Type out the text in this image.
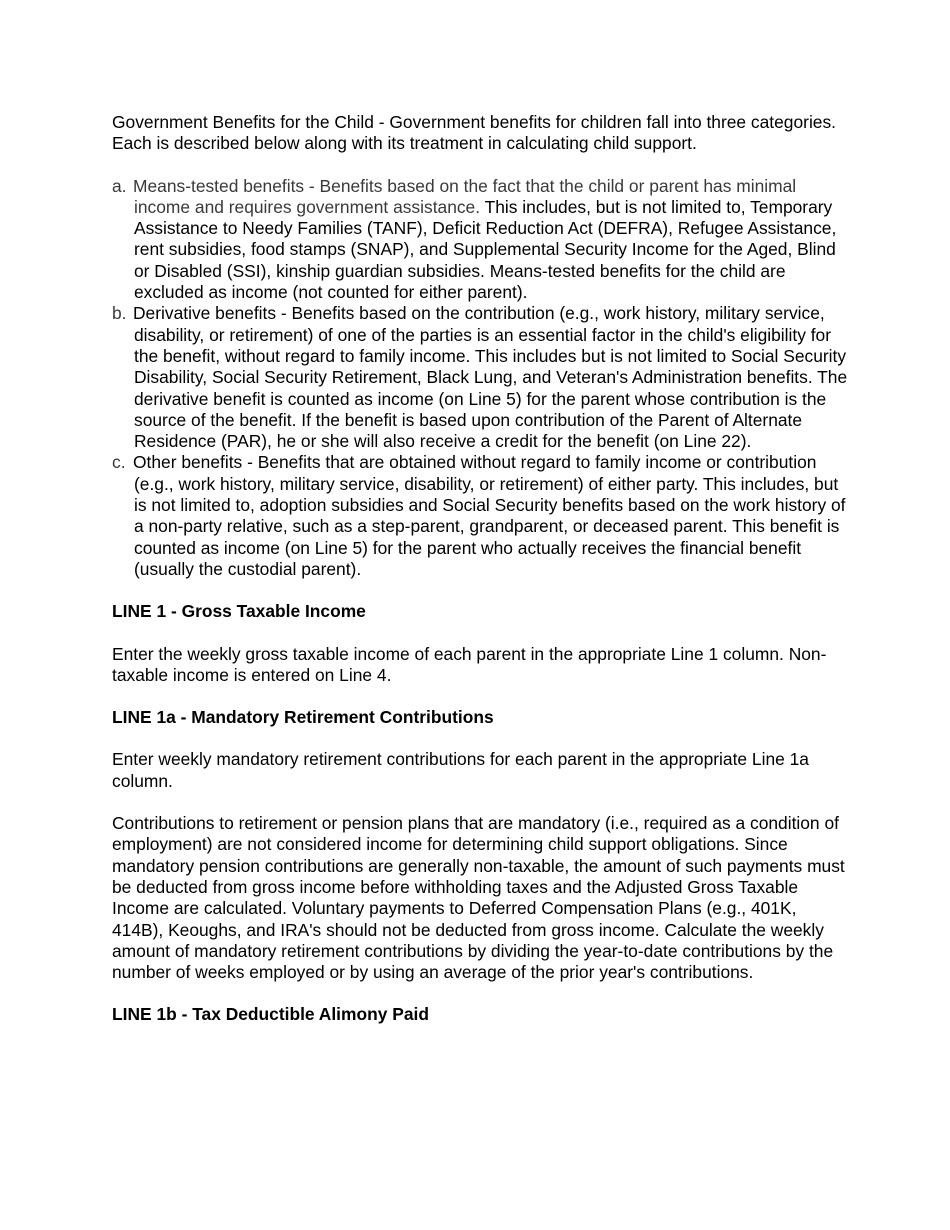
Government Benefits for the Child - Government benefits for children fall into three categories. Each is described below along with its treatment in calculating child support.

a. Means-tested benefits - Benefits based on the fact that the child or parent has minimal income and requires government assistance. This includes, but is not limited to, Temporary Assistance to Needy Families (TANF), Deficit Reduction Act (DEFRA), Refugee Assistance, rent subsidies, food stamps (SNAP), and Supplemental Security Income for the Aged, Blind or Disabled (SSI), kinship guardian subsidies. Means-tested benefits for the child are excluded as income (not counted for either parent).

b. Derivative benefits - Benefits based on the contribution (e.g., work history, military service, disability, or retirement) of one of the parties is an essential factor in the child's eligibility for the benefit, without regard to family income. This includes but is not limited to Social Security Disability, Social Security Retirement, Black Lung, and Veteran's Administration benefits. The derivative benefit is counted as income (on Line 5) for the parent whose contribution is the source of the benefit. If the benefit is based upon contribution of the Parent of Alternate Residence (PAR), he or she will also receive a credit for the benefit (on Line 22).

c. Other benefits - Benefits that are obtained without regard to family income or contribution (e.g., work history, military service, disability, or retirement) of either party. This includes, but is not limited to, adoption subsidies and Social Security benefits based on the work history of a non-party relative, such as a step-parent, grandparent, or deceased parent. This benefit is counted as income (on Line 5) for the parent who actually receives the financial benefit (usually the custodial parent).

LINE 1 - Gross Taxable Income

Enter the weekly gross taxable income of each parent in the appropriate Line 1 column. Non-taxable income is entered on Line 4.

LINE 1a - Mandatory Retirement Contributions

Enter weekly mandatory retirement contributions for each parent in the appropriate Line 1a column.

Contributions to retirement or pension plans that are mandatory (i.e., required as a condition of employment) are not considered income for determining child support obligations. Since mandatory pension contributions are generally non-taxable, the amount of such payments must be deducted from gross income before withholding taxes and the Adjusted Gross Taxable Income are calculated. Voluntary payments to Deferred Compensation Plans (e.g., 401K, 414B), Keoughs, and IRA's should not be deducted from gross income. Calculate the weekly amount of mandatory retirement contributions by dividing the year-to-date contributions by the number of weeks employed or by using an average of the prior year's contributions.

LINE 1b - Tax Deductible Alimony Paid
